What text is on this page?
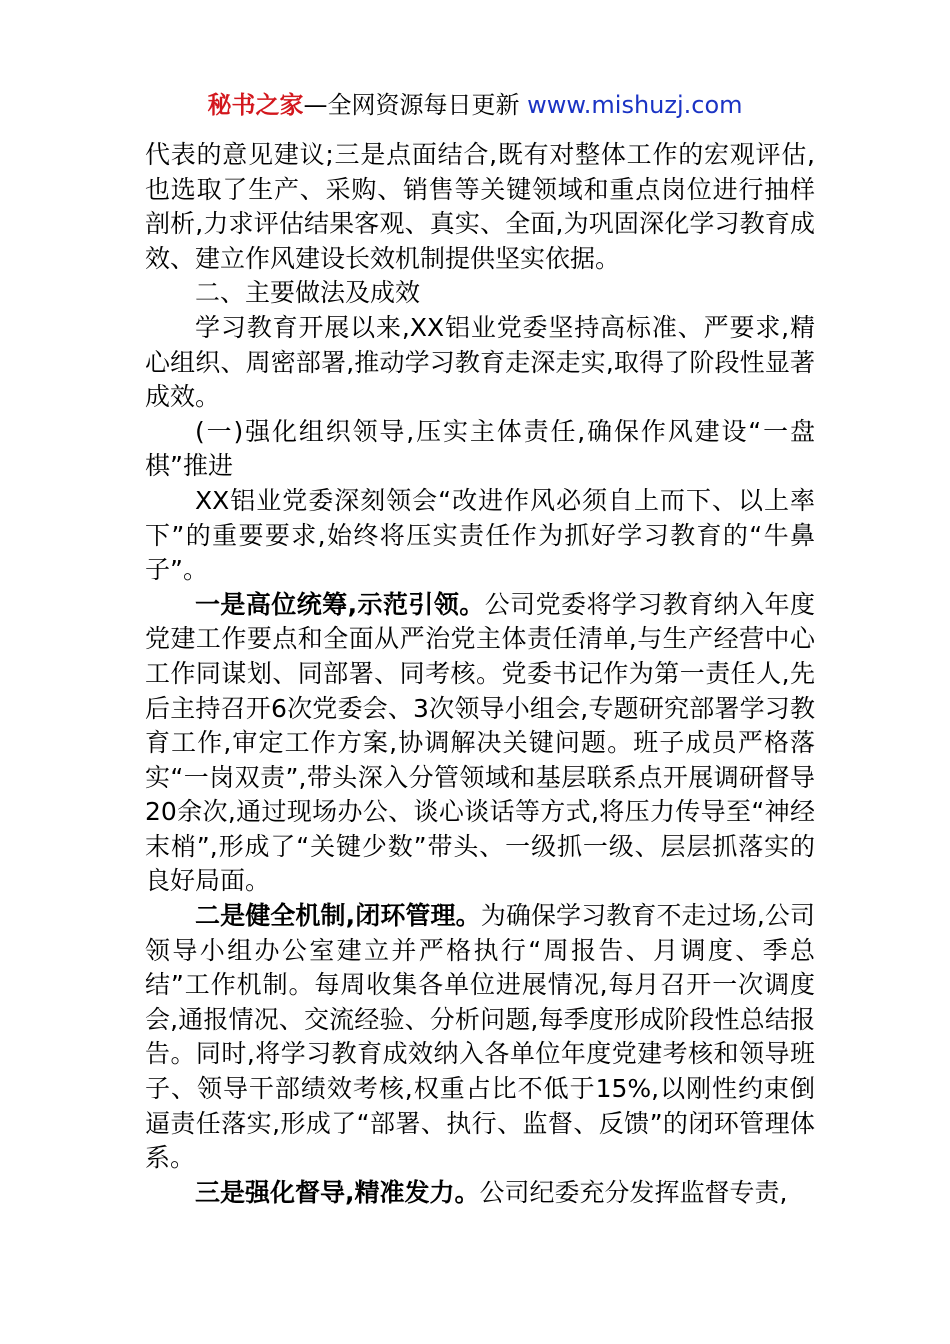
秘书之家—全网资源每日更新 www.mishuzj.com

代表的意见建议;三是点面结合,既有对整体工作的宏观评估,也选取了生产、采购、销售等关键领域和重点岗位进行抽样剖析,力求评估结果客观、真实、全面,为巩固深化学习教育成效、建立作风建设长效机制提供坚实依据。

二、主要做法及成效

学习教育开展以来,XX铝业党委坚持高标准、严要求,精心组织、周密部署,推动学习教育走深走实,取得了阶段性显著成效。

(一)强化组织领导,压实主体责任,确保作风建设“一盘棋”推进

XX铝业党委深刻领会“改进作风必须自上而下、以上率下”的重要要求,始终将压实责任作为抓好学习教育的“牛鼻子”。

一是高位统筹,示范引领。公司党委将学习教育纳入年度党建工作要点和全面从严治党主体责任清单,与生产经营中心工作同谋划、同部署、同考核。党委书记作为第一责任人,先后主持召开6次党委会、3次领导小组会,专题研究部署学习教育工作,审定工作方案,协调解决关键问题。班子成员严格落实“一岗双责”,带头深入分管领域和基层联系点开展调研督导20余次,通过现场办公、谈心谈话等方式,将压力传导至“神经末梢”,形成了“关键少数”带头、一级抓一级、层层抓落实的良好局面。

二是健全机制,闭环管理。为确保学习教育不走过场,公司领导小组办公室建立并严格执行“周报告、月调度、季总结”工作机制。每周收集各单位进展情况,每月召开一次调度会,通报情况、交流经验、分析问题,每季度形成阶段性总结报告。同时,将学习教育成效纳入各单位年度党建考核和领导班子、领导干部绩效考核,权重占比不低于15%,以刚性约束倒逼责任落实,形成了“部署、执行、监督、反馈”的闭环管理体系。

三是强化督导,精准发力。公司纪委充分发挥监督专责,
